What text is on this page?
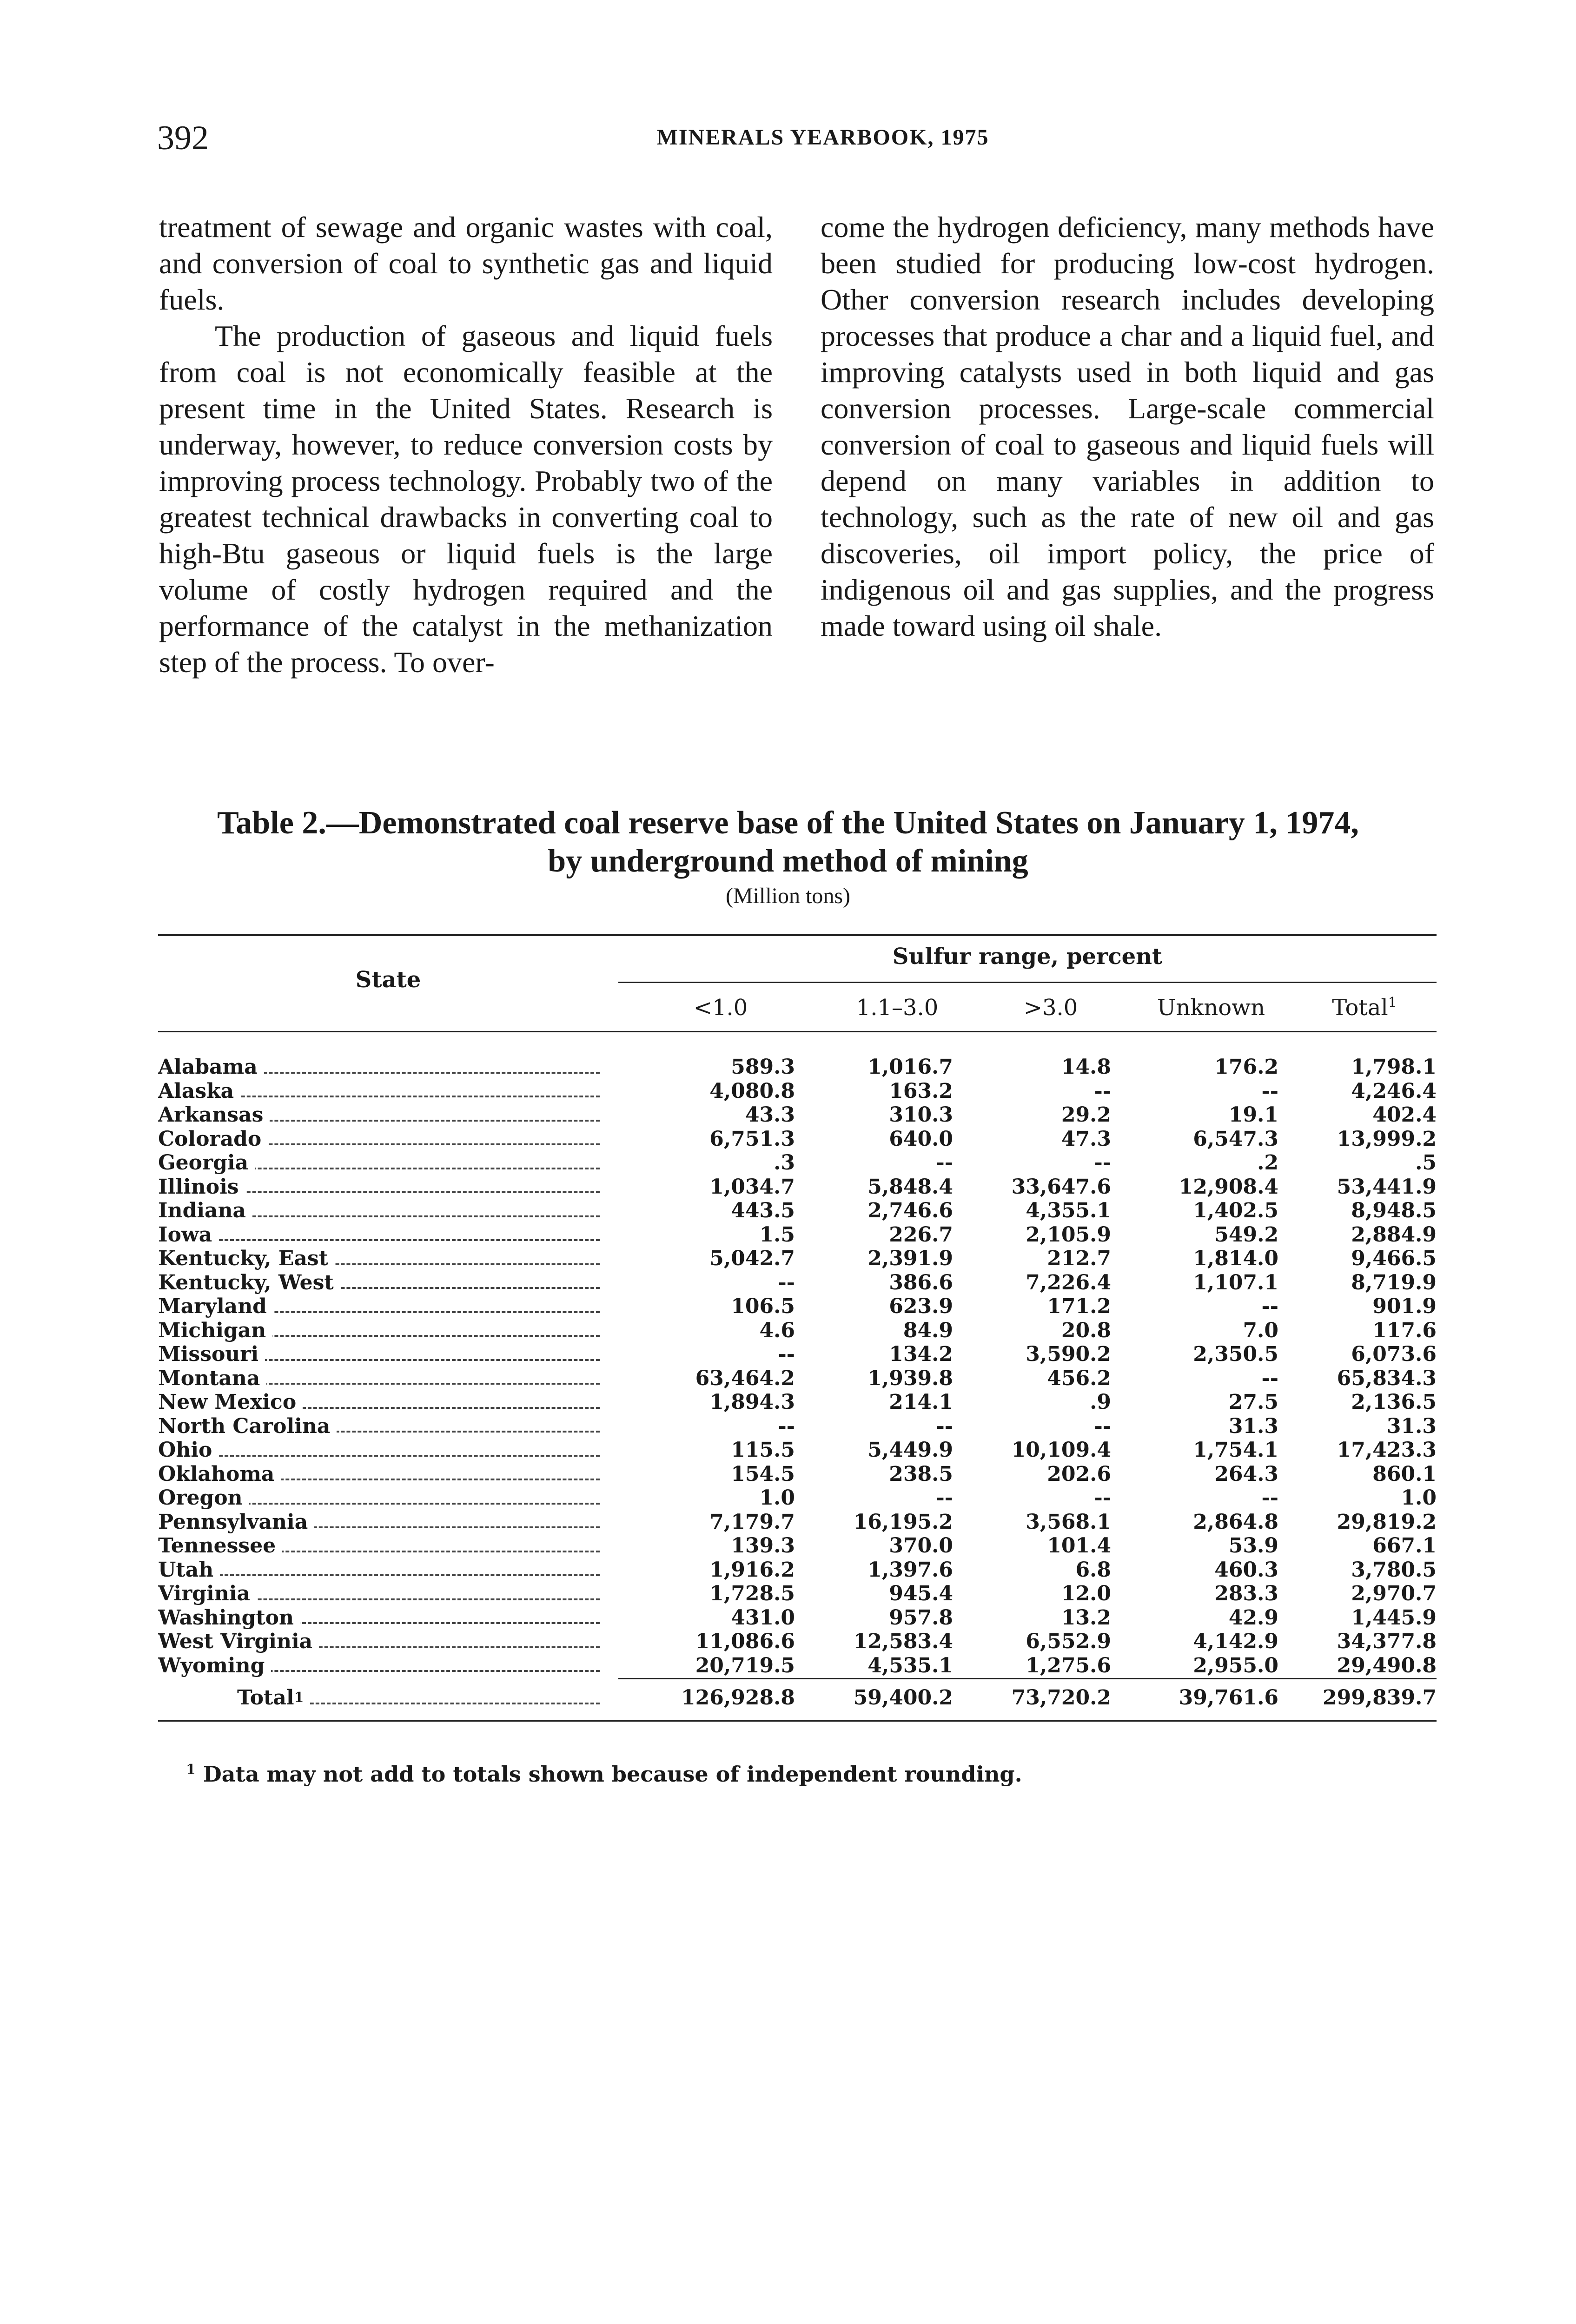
392	MINERALS YEARBOOK, 1975

treatment of sewage and organic wastes with coal, and conversion of coal to synthetic gas and liquid fuels.

The production of gaseous and liquid fuels from coal is not economically feasible at the present time in the United States. Research is underway, however, to reduce conversion costs by improving process technology. Probably two of the greatest technical drawbacks in converting coal to high-Btu gaseous or liquid fuels is the large volume of costly hydrogen required and the performance of the catalyst in the methanization step of the process. To over-

come the hydrogen deficiency, many methods have been studied for producing low-cost hydrogen. Other conversion research includes developing processes that produce a char and a liquid fuel, and improving catalysts used in both liquid and gas conversion processes. Large-scale commercial conversion of coal to gaseous and liquid fuels will depend on many variables in addition to technology, such as the rate of new oil and gas discoveries, oil import policy, the price of indigenous oil and gas supplies, and the progress made toward using oil shale.

Table 2.—Demonstrated coal reserve base of the United States on January 1, 1974,
by underground method of mining
(Million tons)
State
Sulfur range, percent
<1.0	1.1–3.0	>3.0	Unknown	Total$^1$
Alabama	589.3	1,016.7	14.8	176.2	1,798.1

Alaska	4,080.8	163.2	--	--	4,246.4

Arkansas	43.3	310.3	29.2	19.1	402.4

Colorado	6,751.3	640.0	47.3	6,547.3	13,999.2

Georgia	.3	--	--	.2	.5

Illinois	1,034.7	5,848.4	33,647.6	12,908.4	53,441.9

Indiana	443.5	2,746.6	4,355.1	1,402.5	8,948.5

Iowa	1.5	226.7	2,105.9	549.2	2,884.9

Kentucky, East	5,042.7	2,391.9	212.7	1,814.0	9,466.5

Kentucky, West	--	386.6	7,226.4	1,107.1	8,719.9

Maryland	106.5	623.9	171.2	--	901.9

Michigan	4.6	84.9	20.8	7.0	117.6

Missouri	--	134.2	3,590.2	2,350.5	6,073.6

Montana	63,464.2	1,939.8	456.2	--	65,834.3

New Mexico	1,894.3	214.1	.9	27.5	2,136.5

North Carolina	--	--	--	31.3	31.3

Ohio	115.5	5,449.9	10,109.4	1,754.1	17,423.3

Oklahoma	154.5	238.5	202.6	264.3	860.1

Oregon	1.0	--	--	--	1.0

Pennsylvania	7,179.7	16,195.2	3,568.1	2,864.8	29,819.2

Tennessee	139.3	370.0	101.4	53.9	667.1

Utah	1,916.2	1,397.6	6.8	460.3	3,780.5

Virginia	1,728.5	945.4	12.0	283.3	2,970.7

Washington	431.0	957.8	13.2	42.9	1,445.9

West Virginia	11,086.6	12,583.4	6,552.9	4,142.9	34,377.8

Wyoming	20,719.5	4,535.1	1,275.6	2,955.0	29,490.8

Total$^1$	126,928.8	59,400.2	73,720.2	39,761.6	299,839.7
$^1$ Data may not add to totals shown because of independent rounding.
